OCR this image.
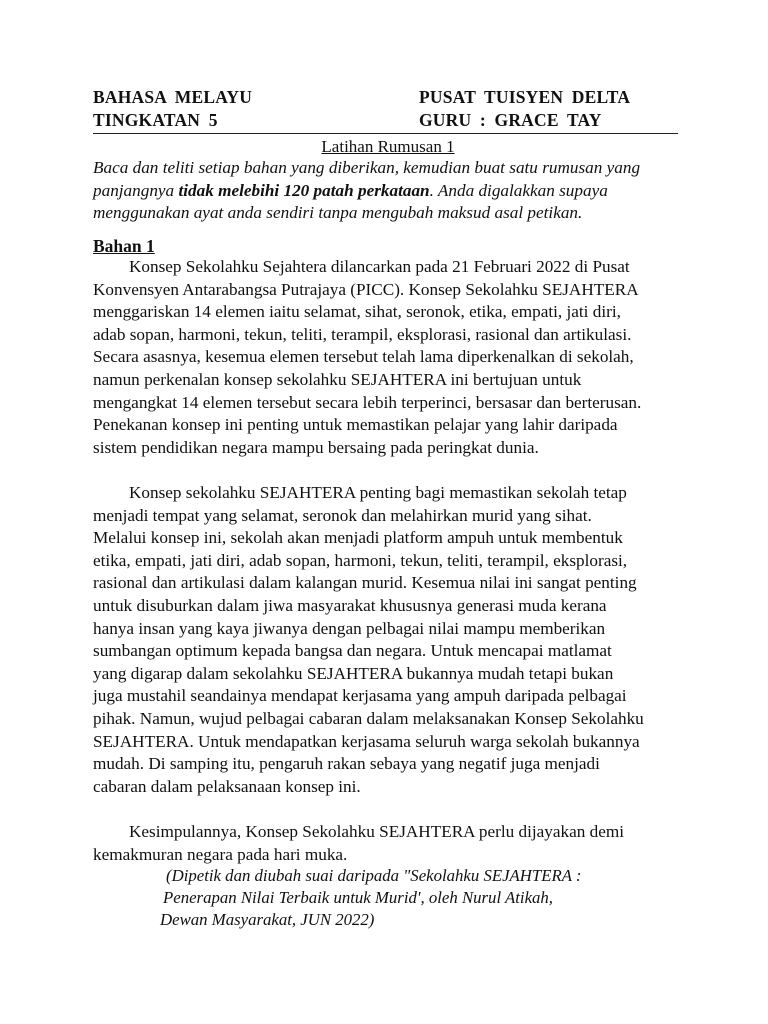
BAHASA MELAYU
TINGKATAN 5
PUSAT TUISYEN DELTA
GURU : GRACE TAY
Latihan Rumusan 1
Baca dan teliti setiap bahan yang diberikan, kemudian buat satu rumusan yang panjangnya tidak melebihi 120 patah perkataan. Anda digalakkan supaya menggunakan ayat anda sendiri tanpa mengubah maksud asal petikan.
Bahan 1
Konsep Sekolahku Sejahtera dilancarkan pada 21 Februari 2022 di Pusat
Konvensyen Antarabangsa Putrajaya (PICC). Konsep Sekolahku SEJAHTERA
menggariskan 14 elemen iaitu selamat, sihat, seronok, etika, empati, jati diri,
adab sopan, harmoni, tekun, teliti, terampil, eksplorasi, rasional dan artikulasi.
Secara asasnya, kesemua elemen tersebut telah lama diperkenalkan di sekolah,
namun perkenalan konsep sekolahku SEJAHTERA ini bertujuan untuk
mengangkat 14 elemen tersebut secara lebih terperinci, bersasar dan berterusan.
Penekanan konsep ini penting untuk memastikan pelajar yang lahir daripada
sistem pendidikan negara mampu bersaing pada peringkat dunia.
Konsep sekolahku SEJAHTERA penting bagi memastikan sekolah tetap
menjadi tempat yang selamat, seronok dan melahirkan murid yang sihat.
Melalui konsep ini, sekolah akan menjadi platform ampuh untuk membentuk
etika, empati, jati diri, adab sopan, harmoni, tekun, teliti, terampil, eksplorasi,
rasional dan artikulasi dalam kalangan murid. Kesemua nilai ini sangat penting
untuk disuburkan dalam jiwa masyarakat khususnya generasi muda kerana
hanya insan yang kaya jiwanya dengan pelbagai nilai mampu memberikan
sumbangan optimum kepada bangsa dan negara. Untuk mencapai matlamat
yang digarap dalam sekolahku SEJAHTERA bukannya mudah tetapi bukan
juga mustahil seandainya mendapat kerjasama yang ampuh daripada pelbagai
pihak. Namun, wujud pelbagai cabaran dalam melaksanakan Konsep Sekolahku
SEJAHTERA. Untuk mendapatkan kerjasama seluruh warga sekolah bukannya
mudah. Di samping itu, pengaruh rakan sebaya yang negatif juga menjadi
cabaran dalam pelaksanaan konsep ini.
Kesimpulannya, Konsep Sekolahku SEJAHTERA perlu dijayakan demi
kemakmuran negara pada hari muka.
(Dipetik dan diubah suai daripada "Sekolahku SEJAHTERA :
Penerapan Nilai Terbaik untuk Murid', oleh Nurul Atikah,
Dewan Masyarakat, JUN 2022)
